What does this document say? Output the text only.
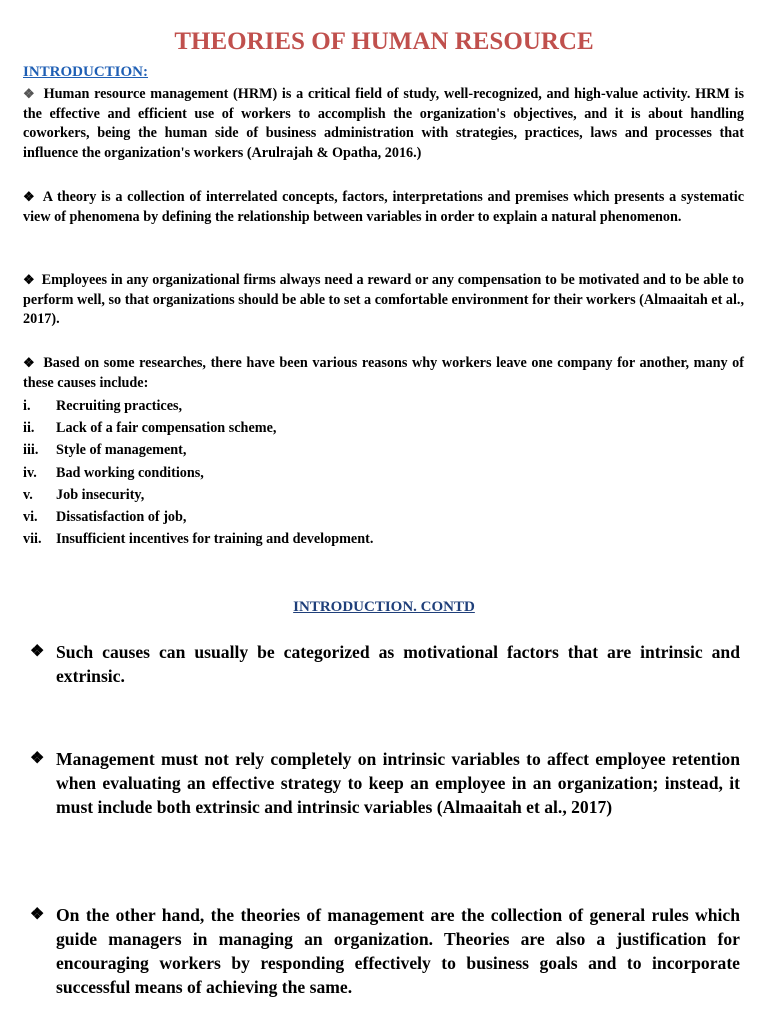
THEORIES OF HUMAN RESOURCE
INTRODUCTION:
❖ Human resource management (HRM) is a critical field of study, well-recognized, and high-value activity. HRM is the effective and efficient use of workers to accomplish the organization's objectives, and it is about handling coworkers, being the human side of business administration with strategies, practices, laws and processes that influence the organization's workers (Arulrajah & Opatha, 2016.)
❖ A theory is a collection of interrelated concepts, factors, interpretations and premises which presents a systematic view of phenomena by defining the relationship between variables in order to explain a natural phenomenon.
❖ Employees in any organizational firms always need a reward or any compensation to be motivated and to be able to perform well, so that organizations should be able to set a comfortable environment for their workers (Almaaitah et al., 2017).
❖ Based on some researches, there have been various reasons why workers leave one company for another, many of these causes include:
i.	Recruiting practices,
ii.	Lack of a fair compensation scheme,
iii.	Style of management,
iv.	Bad working conditions,
v.	Job insecurity,
vi.	Dissatisfaction of job,
vii.	Insufficient incentives for training and development.
INTRODUCTION. CONTD
❖ Such causes can usually be categorized as motivational factors that are intrinsic and extrinsic.
❖ Management must not rely completely on intrinsic variables to affect employee retention when evaluating an effective strategy to keep an employee in an organization; instead, it must include both extrinsic and intrinsic variables (Almaaitah et al., 2017)
❖ On the other hand, the theories of management are the collection of general rules which guide managers in managing an organization. Theories are also a justification for encouraging workers by responding effectively to business goals and to incorporate successful means of achieving the same.
